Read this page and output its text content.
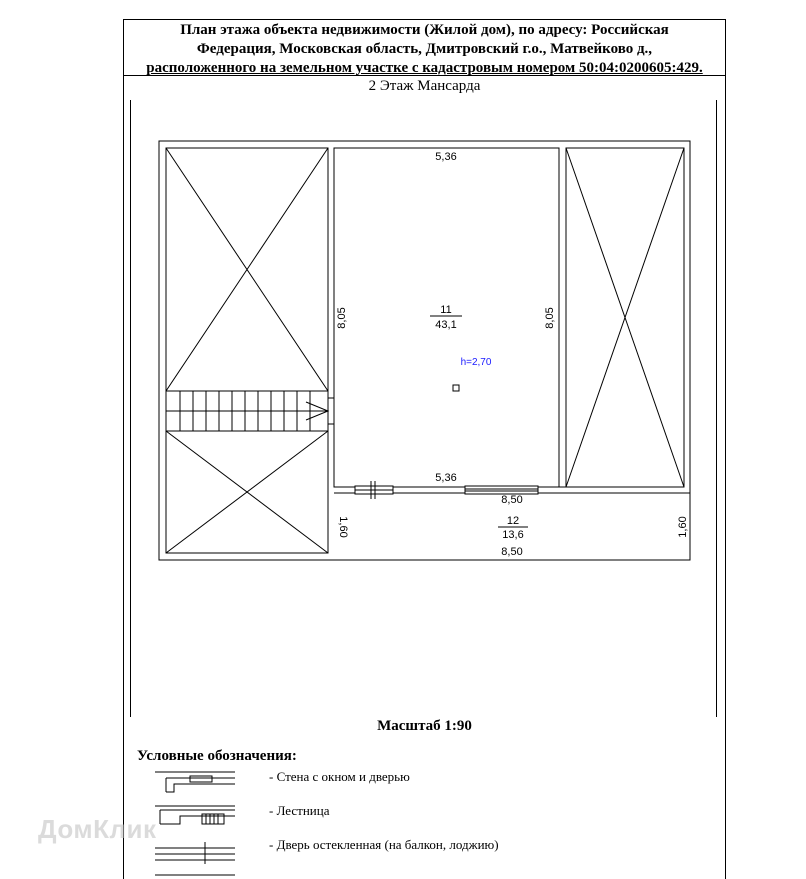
План этажа объекта недвижимости (Жилой дом), по адресу: Российская
Федерация, Московская область, Дмитровский г.о., Матвейково д.,
расположенного на земельном участке с кадастровым номером 50:04:0200605:429.
2 Этаж Мансарда
5,36
5,36
8,05	8,05
8,50
8,50
1,60	1,60
11
43,1
12
13,6
h=2,70
Масштаб 1:90
Условные обозначения:
- Стена с окном и дверью
- Лестница
- Дверь остекленная (на балкон, лоджию)
ДомКлик
